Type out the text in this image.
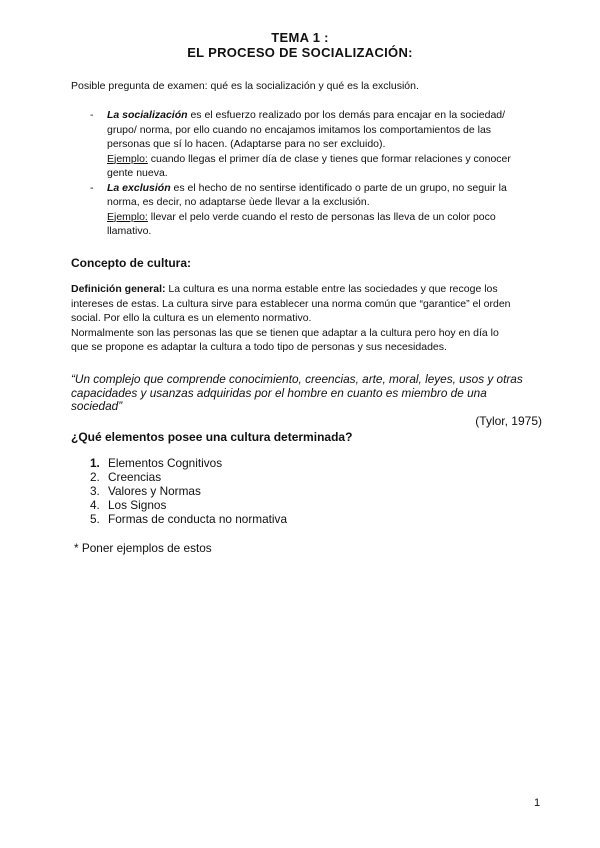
TEMA 1 :
EL PROCESO DE SOCIALIZACIÓN:
Posible pregunta de examen: qué es la socialización y qué es la exclusión.
- La socialización es el esfuerzo realizado por los demás para encajar en la sociedad/
grupo/ norma, por ello cuando no encajamos imitamos los comportamientos de las
personas que sí lo hacen. (Adaptarse para no ser excluido).
Ejemplo: cuando llegas el primer día de clase y tienes que formar relaciones y conocer
gente nueva.
- La exclusión es el hecho de no sentirse identificado o parte de un grupo, no seguir la
norma, es decir, no adaptarse ùede llevar a la exclusión.
Ejemplo: llevar el pelo verde cuando el resto de personas las lleva de un color poco
llamativo.
Concepto de cultura:
Definición general: La cultura es una norma estable entre las sociedades y que recoge los
intereses de estas. La cultura sirve para establecer una norma común que “garantice” el orden
social. Por ello la cultura es un elemento normativo.
Normalmente son las personas las que se tienen que adaptar a la cultura pero hoy en día lo
que se propone es adaptar la cultura a todo tipo de personas y sus necesidades.
“Un complejo que comprende conocimiento, creencias, arte, moral, leyes, usos y otras
capacidades y usanzas adquiridas por el hombre en cuanto es miembro de una
sociedad”
(Tylor, 1975)
¿Qué elementos posee una cultura determinada?
1. Elementos Cognitivos
2. Creencias
3. Valores y Normas
4. Los Signos
5. Formas de conducta no normativa
* Poner ejemplos de estos
1
